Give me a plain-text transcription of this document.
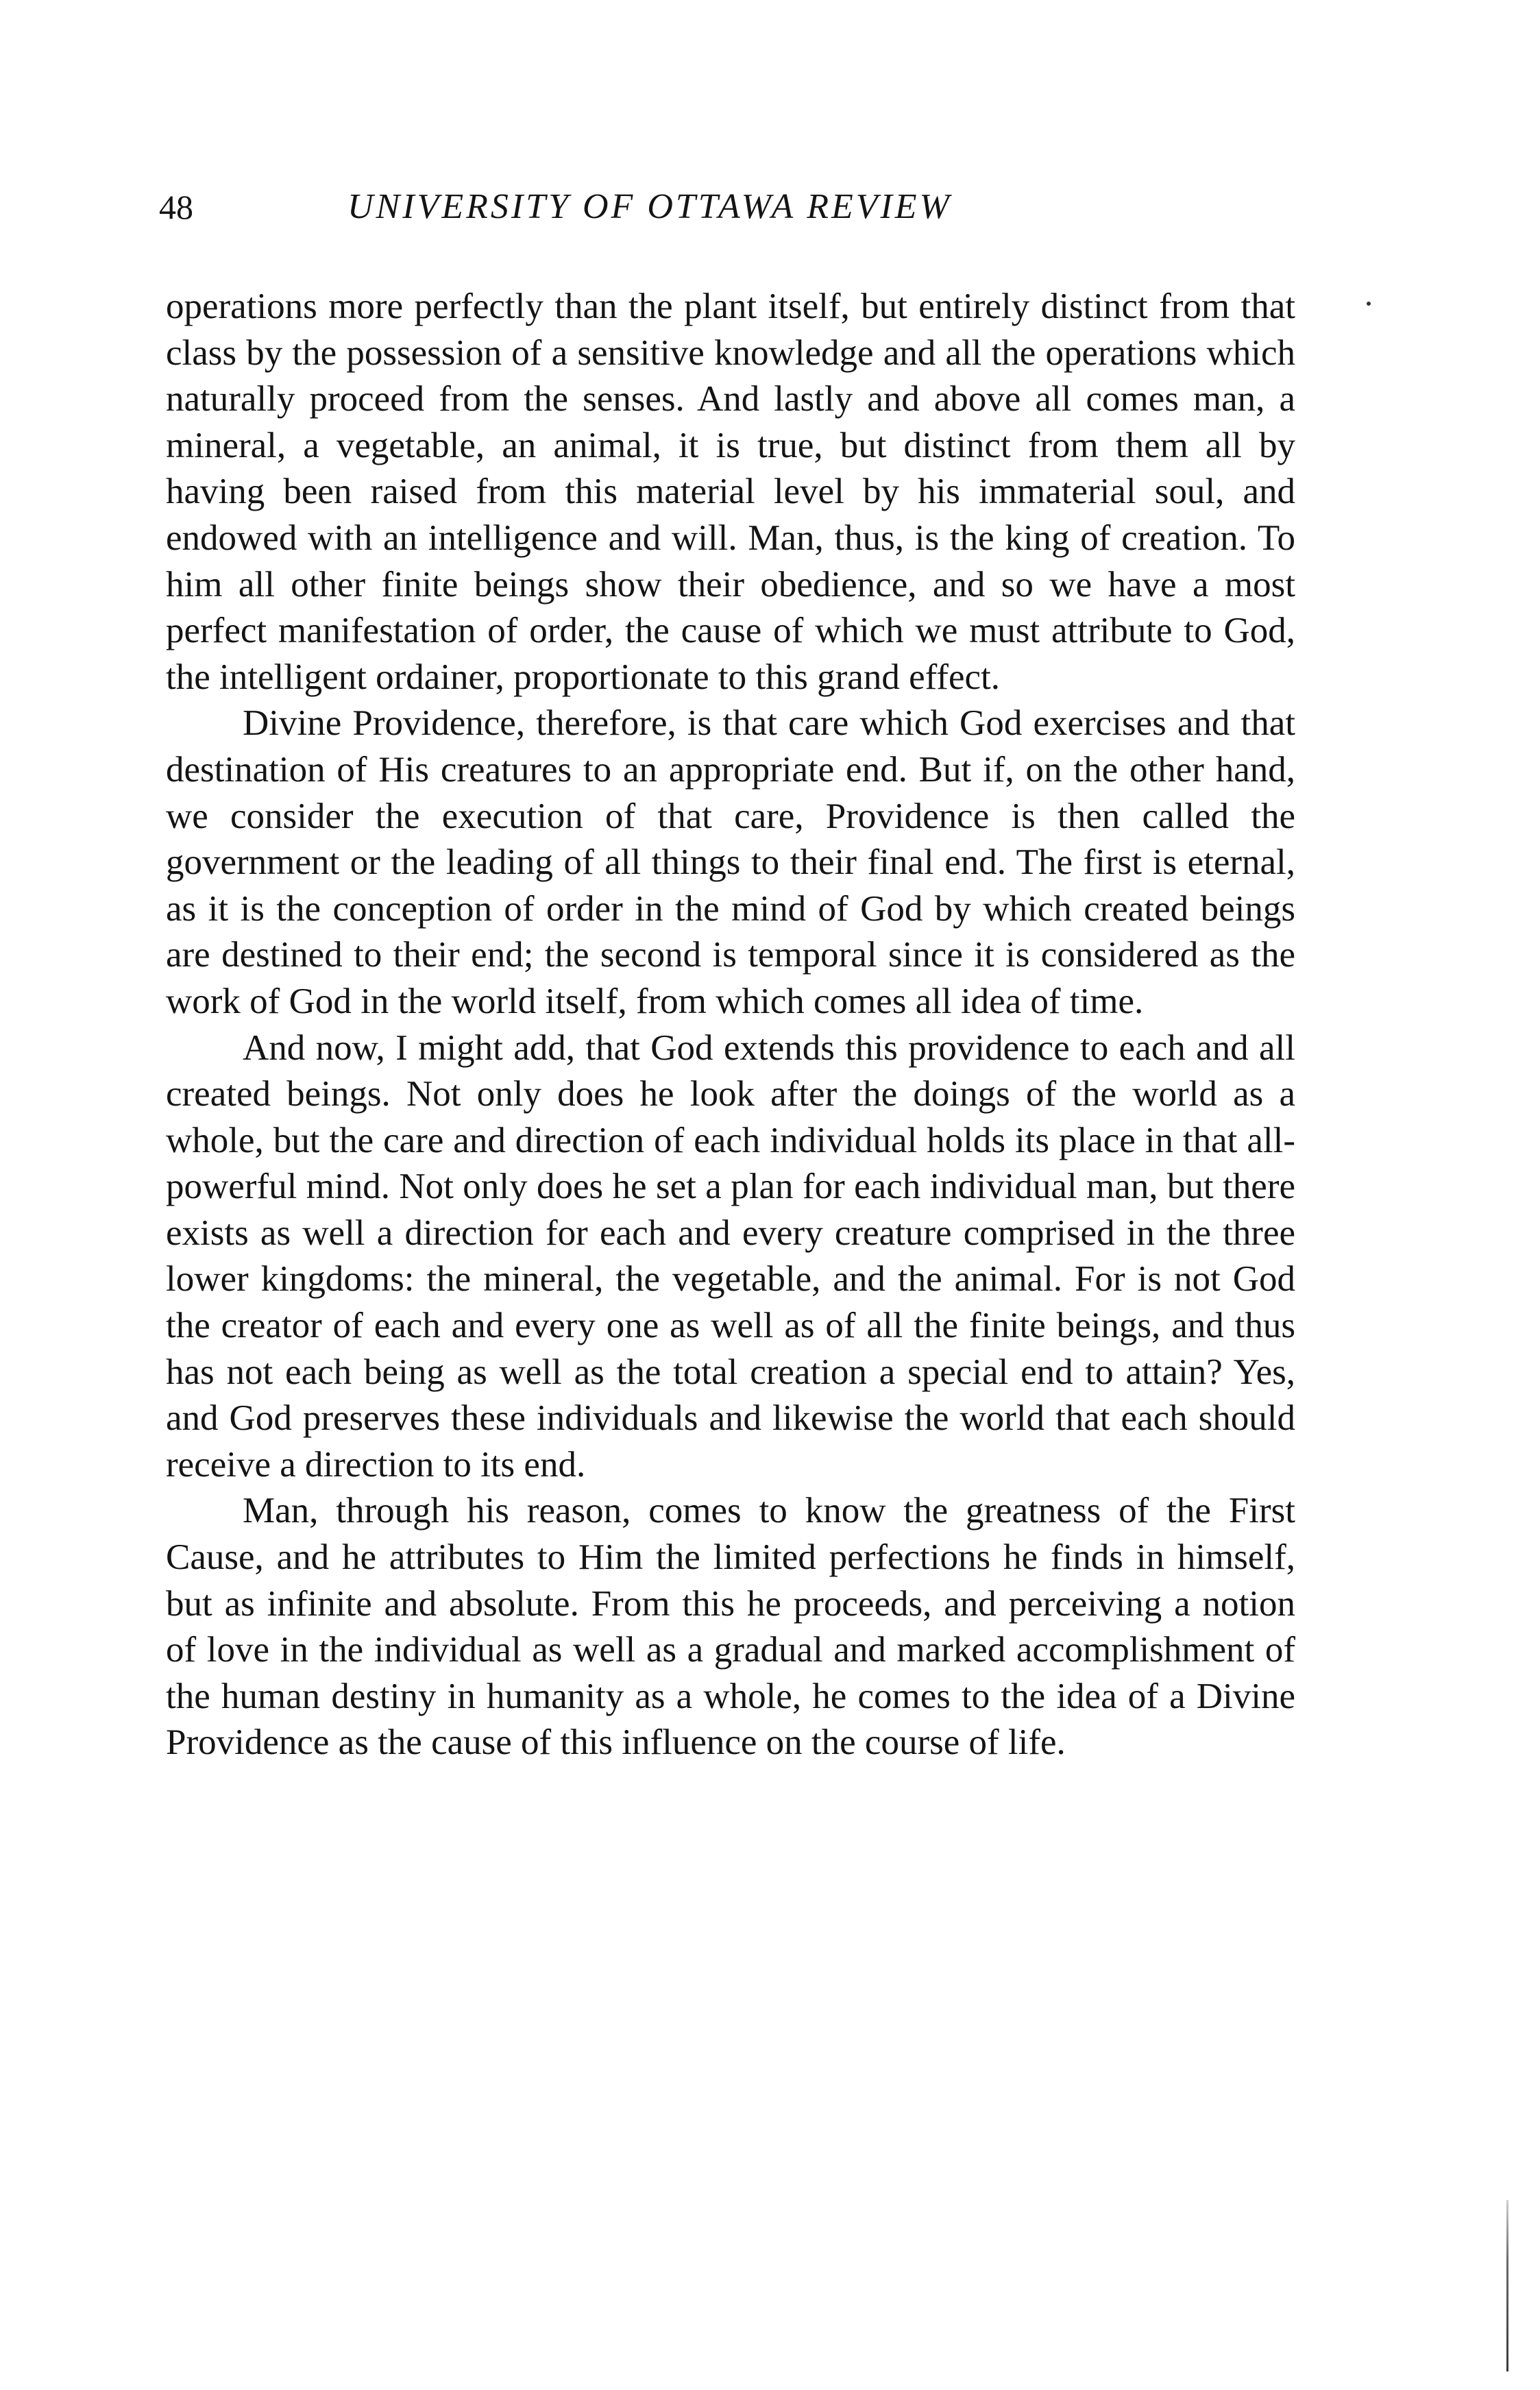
48	UNIVERSITY OF OTTAWA REVIEW

operations more perfectly than the plant itself, but entirely distinct from that class by the possession of a sensitive knowledge and all the operations which naturally proceed from the senses. And lastly and above all comes man, a mineral, a vegetable, an animal, it is true, but distinct from them all by having been raised from this material level by his immaterial soul, and endowed with an intelligence and will. Man, thus, is the king of creation. To him all other finite beings show their obedience, and so we have a most perfect manifestation of order, the cause of which we must attribute to God, the intelligent ordainer, proportionate to this grand effect.

Divine Providence, therefore, is that care which God exercises and that destination of His creatures to an appropriate end. But if, on the other hand, we consider the execution of that care, Providence is then called the government or the leading of all things to their final end. The first is eternal, as it is the conception of order in the mind of God by which created beings are destined to their end; the second is temporal since it is considered as the work of God in the world itself, from which comes all idea of time.

And now, I might add, that God extends this providence to each and all created beings. Not only does he look after the doings of the world as a whole, but the care and direction of each individual holds its place in that all-powerful mind. Not only does he set a plan for each individual man, but there exists as well a direction for each and every creature comprised in the three lower kingdoms: the mineral, the vegetable, and the animal. For is not God the creator of each and every one as well as of all the finite beings, and thus has not each being as well as the total creation a special end to attain? Yes, and God preserves these individuals and likewise the world that each should receive a direction to its end.

Man, through his reason, comes to know the greatness of the First Cause, and he attributes to Him the limited perfections he finds in himself, but as infinite and absolute. From this he proceeds, and perceiving a notion of love in the individual as well as a gradual and marked accomplishment of the human destiny in humanity as a whole, he comes to the idea of a Divine Providence as the cause of this influence on the course of life.
